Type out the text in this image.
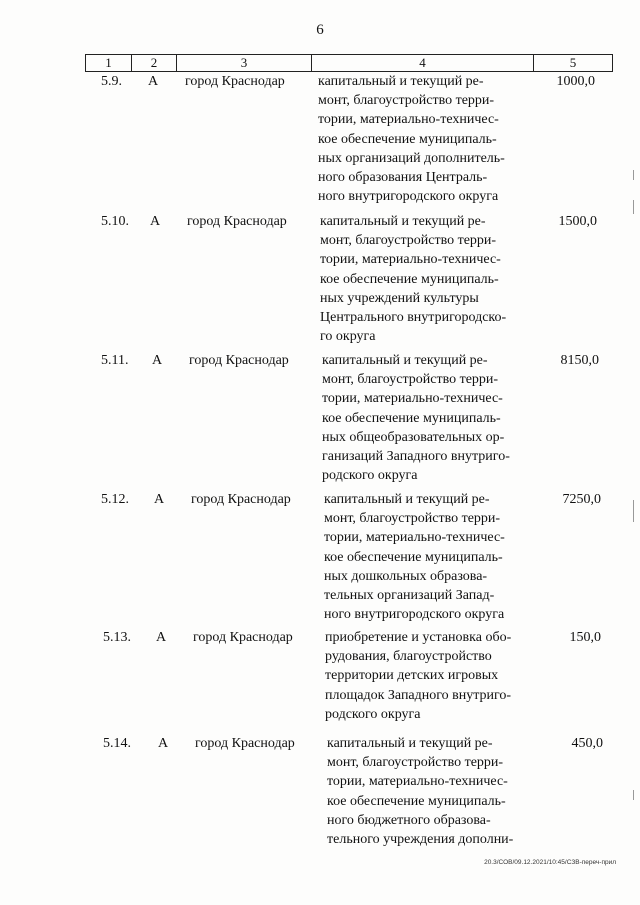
6
1	2	3	4	5
5.9.	А	город Краснодар	капитальный и текущий ре-
монт, благоустройство терри-
тории, материально-техничес-
кое обеспечение муниципаль-
ных организаций дополнитель-
ного образования Централь-
ного внутригородского округа
1000,0
5.10.	А	город Краснодар	капитальный и текущий ре-
монт, благоустройство терри-
тории, материально-техничес-
кое обеспечение муниципаль-
ных учреждений культуры
Центрального внутригородско-
го округа
1500,0
5.11.	А	город Краснодар	капитальный и текущий ре-
монт, благоустройство терри-
тории, материально-техничес-
кое обеспечение муниципаль-
ных общеобразовательных ор-
ганизаций Западного внутриго-
родского округа
8150,0
5.12.	А	город Краснодар	капитальный и текущий ре-
монт, благоустройство терри-
тории, материально-техничес-
кое обеспечение муниципаль-
ных дошкольных образова-
тельных организаций Запад-
ного внутригородского округа
7250,0
5.13.	А	город Краснодар	приобретение и установка обо-
рудования, благоустройство
территории детских игровых
площадок Западного внутриго-
родского округа
150,0
5.14.	А	город Краснодар	капитальный и текущий ре-
монт, благоустройство терри-
тории, материально-техничес-
кое обеспечение муниципаль-
ного бюджетного образова-
тельного учреждения дополни-
450,0
20.3/СОВ/09.12.2021/10:45/СЗВ-переч-прил
